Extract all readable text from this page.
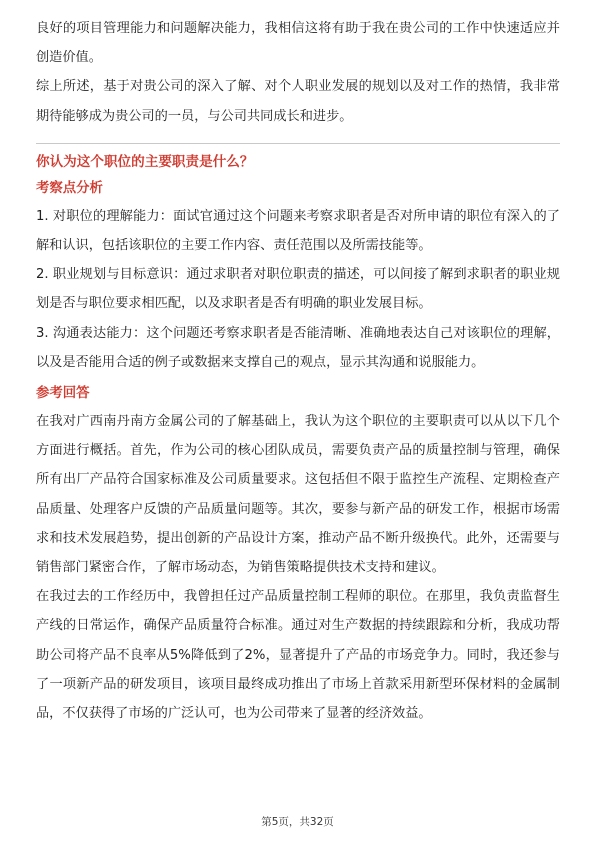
良好的项目管理能力和问题解决能力，我相信这将有助于我在贵公司的工作中快速适应并创造价值。

综上所述，基于对贵公司的深入了解、对个人职业发展的规划以及对工作的热情，我非常期待能够成为贵公司的一员，与公司共同成长和进步。

你认为这个职位的主要职责是什么？
考察点分析

1. 对职位的理解能力：面试官通过这个问题来考察求职者是否对所申请的职位有深入的了解和认识，包括该职位的主要工作内容、责任范围以及所需技能等。

2. 职业规划与目标意识：通过求职者对职位职责的描述，可以间接了解到求职者的职业规划是否与职位要求相匹配，以及求职者是否有明确的职业发展目标。

3. 沟通表达能力：这个问题还考察求职者是否能清晰、准确地表达自己对该职位的理解，以及是否能用合适的例子或数据来支撑自己的观点，显示其沟通和说服能力。

参考回答

在我对广西南丹南方金属公司的了解基础上，我认为这个职位的主要职责可以从以下几个方面进行概括。首先，作为公司的核心团队成员，需要负责产品的质量控制与管理，确保所有出厂产品符合国家标准及公司质量要求。这包括但不限于监控生产流程、定期检查产品质量、处理客户反馈的产品质量问题等。其次，要参与新产品的研发工作，根据市场需求和技术发展趋势，提出创新的产品设计方案，推动产品不断升级换代。此外，还需要与销售部门紧密合作，了解市场动态，为销售策略提供技术支持和建议。

在我过去的工作经历中，我曾担任过产品质量控制工程师的职位。在那里，我负责监督生产线的日常运作，确保产品质量符合标准。通过对生产数据的持续跟踪和分析，我成功帮助公司将产品不良率从5%降低到了2%，显著提升了产品的市场竞争力。同时，我还参与了一项新产品的研发项目，该项目最终成功推出了市场上首款采用新型环保材料的金属制品，不仅获得了市场的广泛认可，也为公司带来了显著的经济效益。

第5页，共32页
